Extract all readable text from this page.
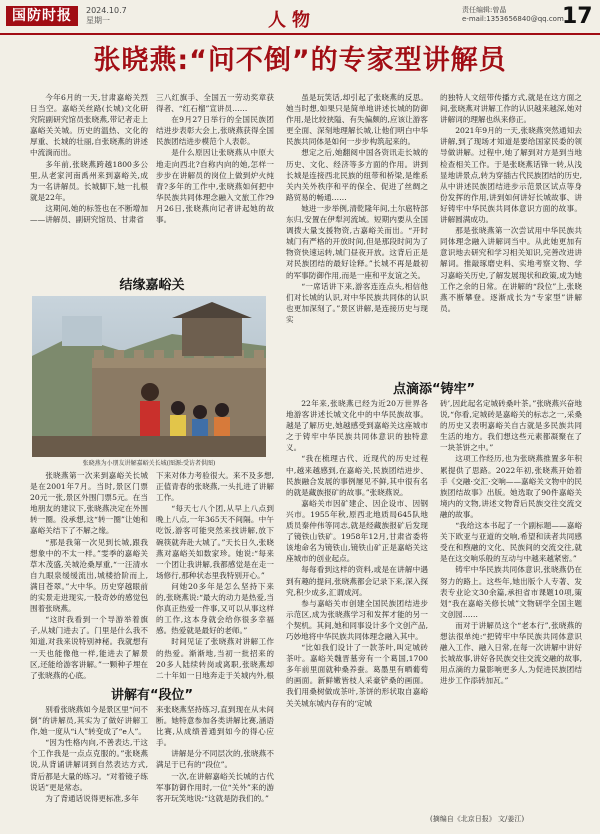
国防时报	2024.10.7
星期一	人物	责任编辑:曾晶
e-mail:1353656840@qq.com
17
张晓燕:“问不倒”的专家型讲解员

今年6月的一天,甘肃嘉峪关烈日当空。嘉峪关丝路(长城)文化研究院副研究馆员张晓燕,带记者走上嘉峪关关城。历史的温热、文化的厚重、长城的壮丽,自张晓燕的讲述中流淌而出。

多年前,张晓燕跨越1800多公里,从老家河南禹州来到嘉峪关,成为一名讲解员。长城脚下,她一扎根就是22年。

这期间,她的标签也在不断增加——讲解员、副研究馆员、甘肃省

三八红旗手、全国五一劳动奖章获得者、“红石榴”宣讲员……

在9月27日举行的全国民族团结进步表彰大会上,张晓燕获得全国民族团结进步模范个人表彰。

是什么原因让张晓燕从中原大地走向西北?自称内向的她,怎样一步步在讲解员的岗位上做到炉火纯青?多年的工作中,张晓燕如何把中华民族共同体理念融入文旅工作?9月26日,张晓燕向记者讲起她的故事。

结缘嘉峪关
张晓燕为小朋友讲解嘉峪关长城(图源:受访者供图)

张晓燕第一次来到嘉峪关长城是在2001年7月。当时,景区门票20元一张,景区外围门票5元。在当地朋友的建议下,张晓燕决定在外围转一圈。没承想,这“转一圈”让她和嘉峪关结下了不解之缘。

“那是我第一次见到长城,跟我想象中的不太一样。”雯季的嘉峪关草木茂盛,关城沧桑厚重,“一汪清水自九眼泉缓缓流出,城楼拾阶而上,满目苍翠。”大中华。历史穿越眼前的实景走进现实,一股奇妙的感觉包围着张晓燕。

“这时我看到一个导游举着旗子,从城门进去了。门里是什么我不知道,对我来说特别神秘。我就想有一天也能像他一样,能进去了解景区,还能给游客讲解。”一颗种子埋在了张晓燕的心底。

下来对体力考验很大。来不及多想,正值青春的张晓燕,一头扎进了讲解工作。

“每天七八个团,从早上八点到晚上八点,一年365天不间隔。中午吃饭,游客可能突然来找讲解,放下碗筷就奔赴大城了。”天长日久,张晓燕对嘉峪关如数家珍。她说:“每来一个团让我讲解,我都感觉是在走一场修行,那种状态里我特别开心。”

问她20多年是怎么坚持下来的,张晓燕说:“最大的动力是热爱,当你真正热爱一件事,又可以从事这样的工作,这本身就会给你很多幸福感。热爱就是最好的老师。”

时间见证了张晓燕对讲解工作的热爱。渐渐地,当初一批招来的20多人陆续转岗或离职,张晓燕却二十年如一日地奔走于关城内外,根

讲解有“段位”

别看张晓燕如今是景区里“问不倒”的讲解员,其实为了做好讲解工作,她一度从“i人”转变成了“e人”。

“因为性格内向,不善表达,干这个工作我是一点点克服的。”张晓燕说,从背诵讲解词到自然表达方式,背后都是大量的练习。“对着镜子练说话”更是常态。

为了背通话说得更标准,多年

来张晓燕坚持练习,直到现在从未间断。她特意参加各类讲解比赛,涵语比赛,从成绩普通到如今的得心应手。

讲解是分不同层次的,张晓燕不满足于已有的“段位”。

一次,在讲解嘉峪关长城的古代军事防御作用时,一位“关外”来的游客开玩笑地说:“这就是防我们的。”

虽是玩笑话,却引起了张晓燕的反思。她当时想,如果只是简单地讲述长城的防御作用,是比较狭隘、有失偏颇的,应该让游客更全面、深刻地理解长城,让他们明白中华民族共同体是如何一步步构筑起来的。

想定之后,她翻阅中国各资讯走长城的历史、文化、经济等多方面的作用。讲到长城是连接西北民族的纽带和桥梁,是维系关内关外秩序和平的保全、促进了丝绸之路贸易的畅通……

她进一步举例,清乾隆年间,土尔扈特部东归,安置在伊犁河流域。短期内要从全国调拨大量支援物资,古嘉峪关而出。“开时城门有严格的开放时间,但是那段时间为了物资快速运转,城门昼夜开放。这背后正是对民族团结的最好诠释。”长城不再是最初的军事防御作用,而是一座和平友谊之关。

“一席话讲下来,游客连连点头,相信他们对长城的认识,对中华民族共同体的认识也更加深刻了。”景区讲解,是连接历史与现实

的独特人文纽带传播方式,就是在这方面之间,张晓燕对讲解工作的认识越来越深,她对讲解词的理解也纵来修正。

2021年9月的一天,张晓燕突然通知去讲解,到了现场才知道是要给国家民委的领导做讲解。过程中,她了解到对方是到当地检查相关工作。于是张晓燕话锋一转,从浅显地讲景点,转为穿插古代民族团结的历史,从中讲述民族团结进步示范景区试点等身份发挥的作用,讲到如何讲好长城故事、讲好铸牢中华民族共同体意识方面的故事。讲解圆满成功。

那是张晓燕第一次尝试用中华民族共同体理念融入讲解词当中。从此她更加有意识地去研究和学习相关知识,完善改进讲解词。推敲琢磨史料、实地考察文物、学习嘉峪关历史,了解发展现状和政策,成为她工作之余的日常。在讲解的“段位”上,张晓燕不断攀登。逐渐成长为“专家型”讲解员。

点滴添“铸牢”

22年来,张晓燕已经为近20万世界各地游客讲述长城文化中的中华民族故事。越是了解历史,她越感受到嘉峪关这座城市之于铸牢中华民族共同体意识的独特意义。

“我在梳理古代、近现代的历史过程中,越来越感到,在嘉峪关,民族团结进步、民族融合发展的事例屡见不鲜,其中很有名的就是藏族报矿的故事。”张晓燕说。

嘉峪关市因矿建企、因企设市、因钢兴市。1955年秋,原西北地质局645队地质员秦仲伟等同志,就是经藏族报矿后发现了镜铁山铁矿。1958年12月,甘肃省委将该地命名为镜铁山,镜铁山矿正是嘉峪关这座城市的创业起点。

每每看到这样的资料,或是在讲解中遇到有趣的提问,张晓燕都会记录下来,深入探究,积少成多,汇谓成河。

参与嘉峪关市创建全国民族团结进步示范区,成为张晓燕学习和发挥才能的另一个契机。其间,她和同事设计多个文创产品,巧妙地将中华民族共同体理念融入其中。

“比如我们设计了一款茶叶,叫定城砖茶叶。嘉峪关魏晋墓旁有一个葛国,1700多年前里面就种桑养蚕。葛墨里有晒葡萄的画面。新鲜嫩皆枝人采豪铲桑的画面。我们用桑树做成茶叶,茶饼的形状取自嘉峪关关城东城内存有的‘定城

砖’,因此起名定城砖桑叶茶。”张晓燕兴奋地说,“你看,定城砖是嘉峪关的标志之一,采桑的历史又表明嘉峪关自古就是多民族共同生活的地方。我们想这些元素都凝聚在了一块茶饼之中。”

这项工作经历,也为张晓燕推置多年积累提供了思路。2022年初,张晓燕开始着手《交融·交汇·交响——嘉峪关文物中的民族团结故事》出版。她选取了90件嘉峪关境内的文物,讲述文物背后民族交往交流交融的故事。

“我给这本书起了一个副标题——嘉峪关下欧亚与亚道的交响,希望和读者共同感受在和煦融的文化、民族间的交流交往,就是在这交响乐般的互动与中越来越紧密。”

铸牢中华民族共同体意识,张晓燕仍在努力的路上。这些年,她出版个人专著、发表专业论文30余篇,承担省市课题10项,策划“我在嘉峪关修长城”文物研学全国主题文创园……

而对于讲解员这个“老本行”,张晓燕的想法很单纯:“把铸牢中华民族共同体意识融入工作、融入日常,在每一次讲解中讲好长城故事,讲好各民族交往交流交融的故事,用点滴的力量影响更多人,为促进民族团结进步工作添砖加瓦。”

(摘编自《北京日报》 文/姜江)
